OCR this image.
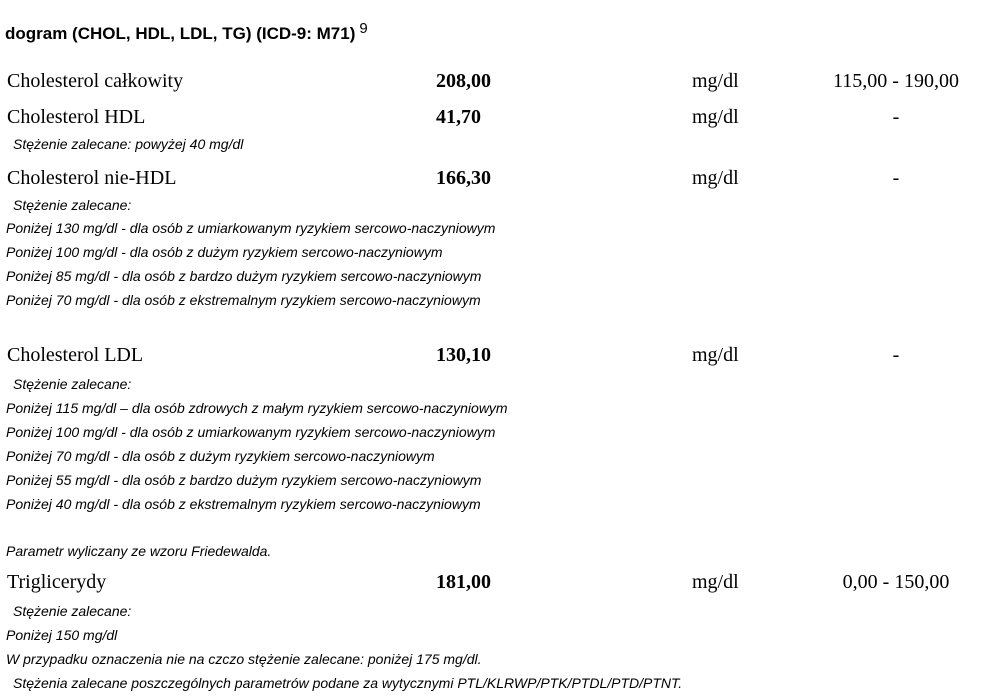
dogram (CHOL, HDL, LDL, TG) (ICD-9: M71) $^9$
Cholesterol całkowity	208,00	mg/dl	115,00 - 190,00
Cholesterol HDL	41,70	mg/dl	-
Stężenie zalecane: powyżej 40 mg/dl
Cholesterol nie-HDL	166,30	mg/dl	-
Stężenie zalecane:
Poniżej 130 mg/dl - dla osób z umiarkowanym ryzykiem sercowo-naczyniowym
Poniżej 100 mg/dl - dla osób z dużym ryzykiem sercowo-naczyniowym
Poniżej 85 mg/dl - dla osób z bardzo dużym ryzykiem sercowo-naczyniowym
Poniżej 70 mg/dl - dla osób z ekstremalnym ryzykiem sercowo-naczyniowym
Cholesterol LDL	130,10	mg/dl	-
Stężenie zalecane:
Poniżej 115 mg/dl – dla osób zdrowych z małym ryzykiem sercowo-naczyniowym
Poniżej 100 mg/dl - dla osób z umiarkowanym ryzykiem sercowo-naczyniowym
Poniżej 70 mg/dl - dla osób z dużym ryzykiem sercowo-naczyniowym
Poniżej 55 mg/dl - dla osób z bardzo dużym ryzykiem sercowo-naczyniowym
Poniżej 40 mg/dl - dla osób z ekstremalnym ryzykiem sercowo-naczyniowym
Parametr wyliczany ze wzoru Friedewalda.
Triglicerydy	181,00	mg/dl	0,00 - 150,00
Stężenie zalecane:
Poniżej 150 mg/dl
W przypadku oznaczenia nie na czczo stężenie zalecane: poniżej 175 mg/dl.
Stężenia zalecane poszczególnych parametrów podane za wytycznymi PTL/KLRWP/PTK/PTDL/PTD/PTNT.
